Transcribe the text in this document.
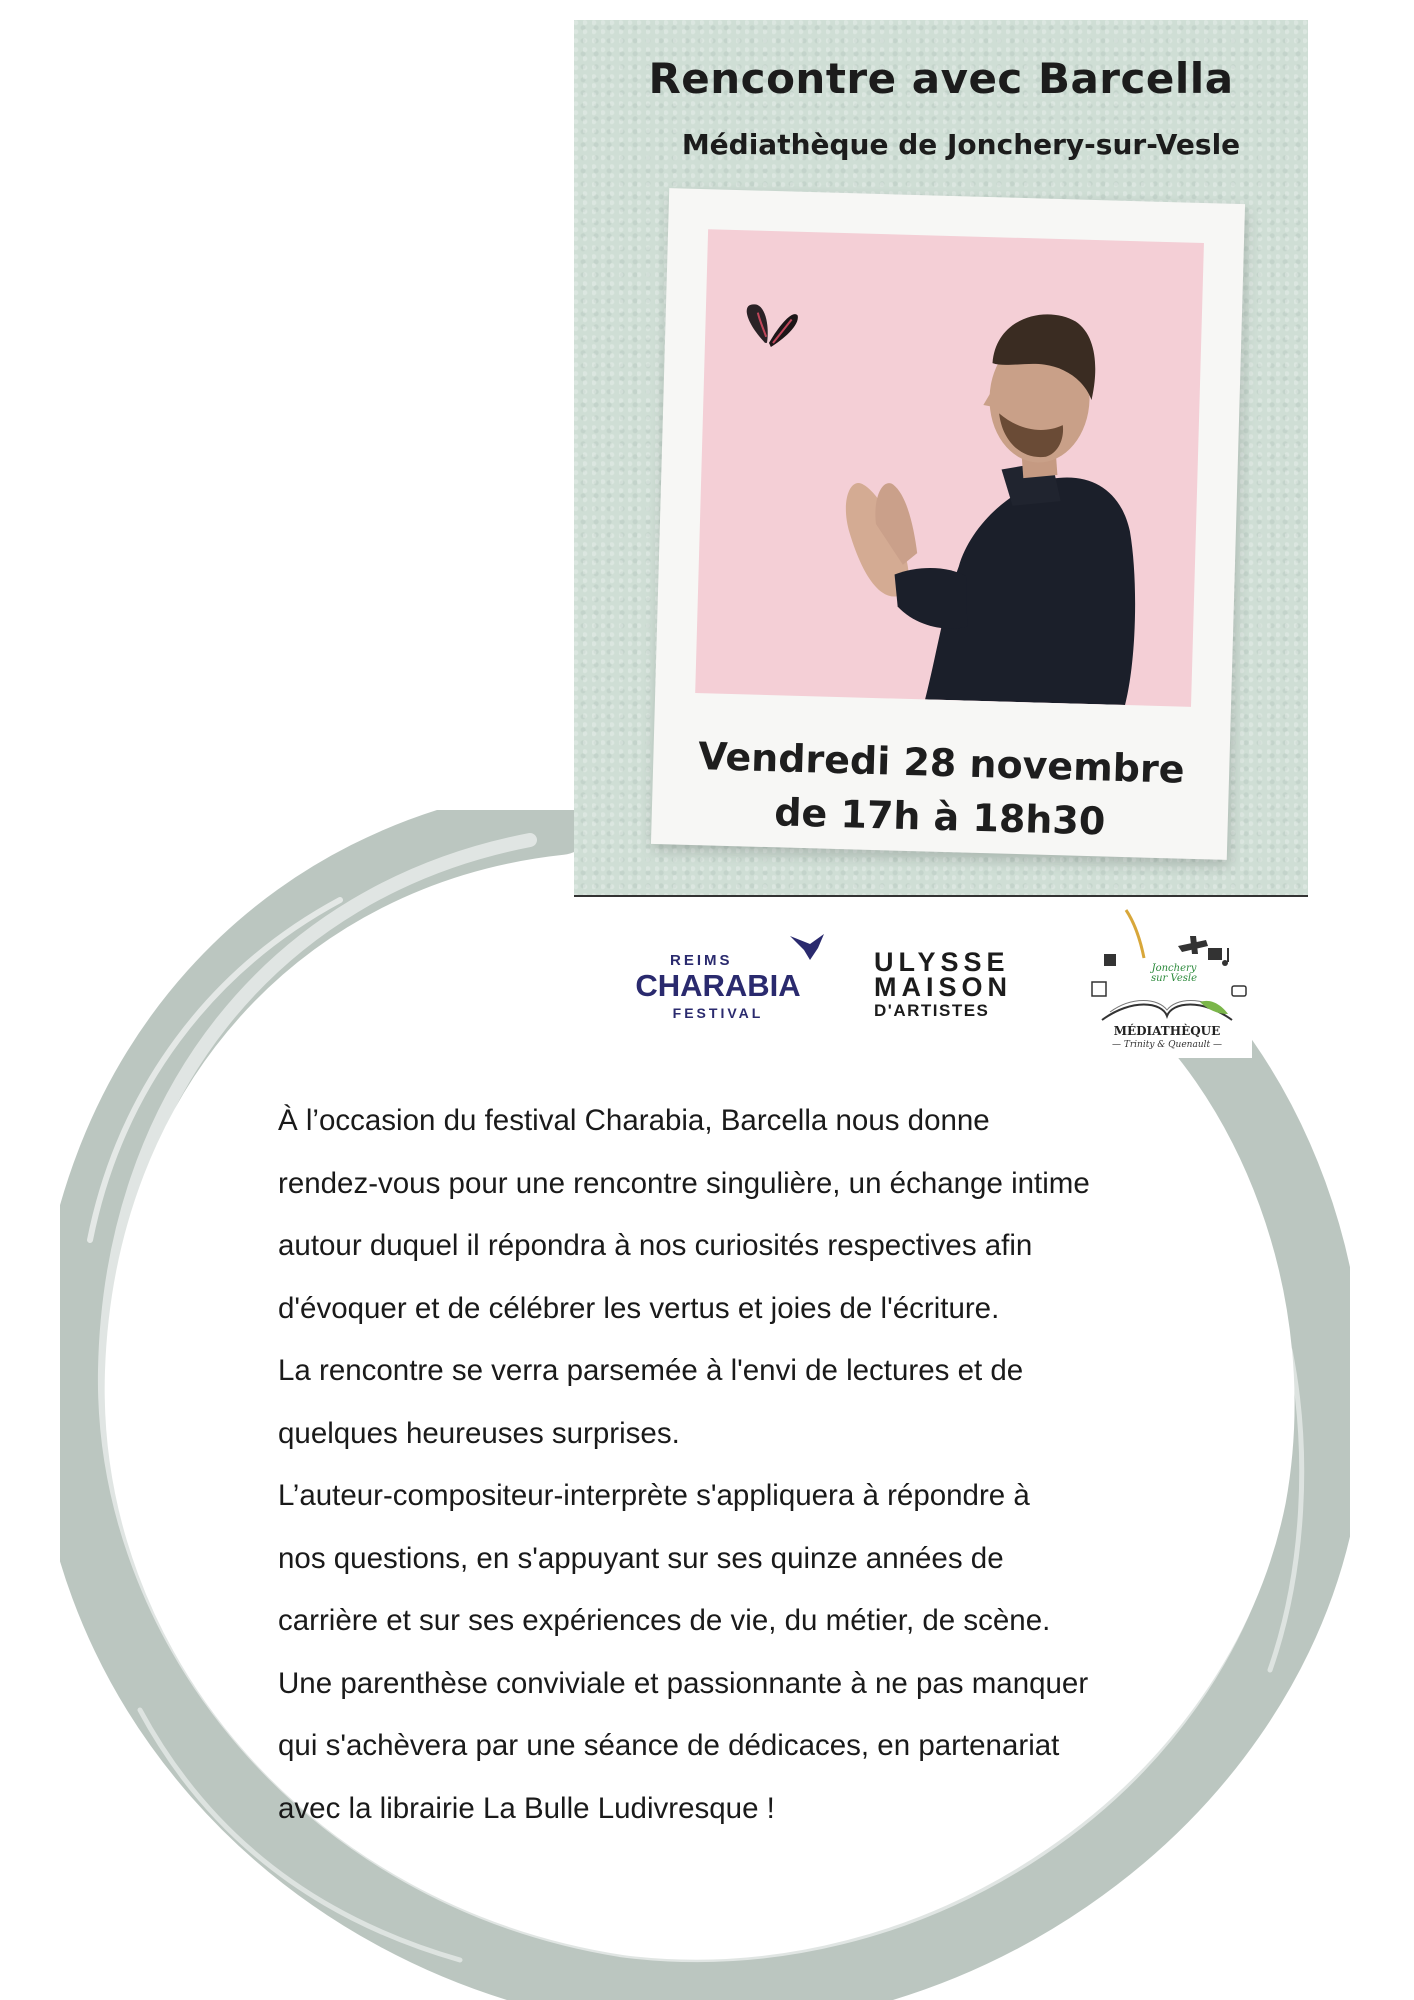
Rencontre avec Barcella
Médiathèque de Jonchery-sur-Vesle
Vendredi 28 novembre
de 17h à 18h30
REIMS
CHARABIA
FESTIVAL
ULYSSE
MAISON
D'ARTISTES
Jonchery sur Vesle
MÉDIATHÈQUE
— Trinity & Quenault —

À l’occasion du festival Charabia, Barcella nous donne

rendez-vous pour une rencontre singulière, un échange intime

autour duquel il répondra à nos curiosités respectives afin

d'évoquer et de célébrer les vertus et joies de l'écriture.

La rencontre se verra parsemée à l'envi de lectures et de

quelques heureuses surprises.

L’auteur-compositeur-interprète s'appliquera à répondre à

nos questions, en s'appuyant sur ses quinze années de

carrière et sur ses expériences de vie, du métier, de scène.

Une parenthèse conviviale et passionnante à ne pas manquer

qui s'achèvera par une séance de dédicaces, en partenariat

avec la librairie La Bulle Ludivresque !
